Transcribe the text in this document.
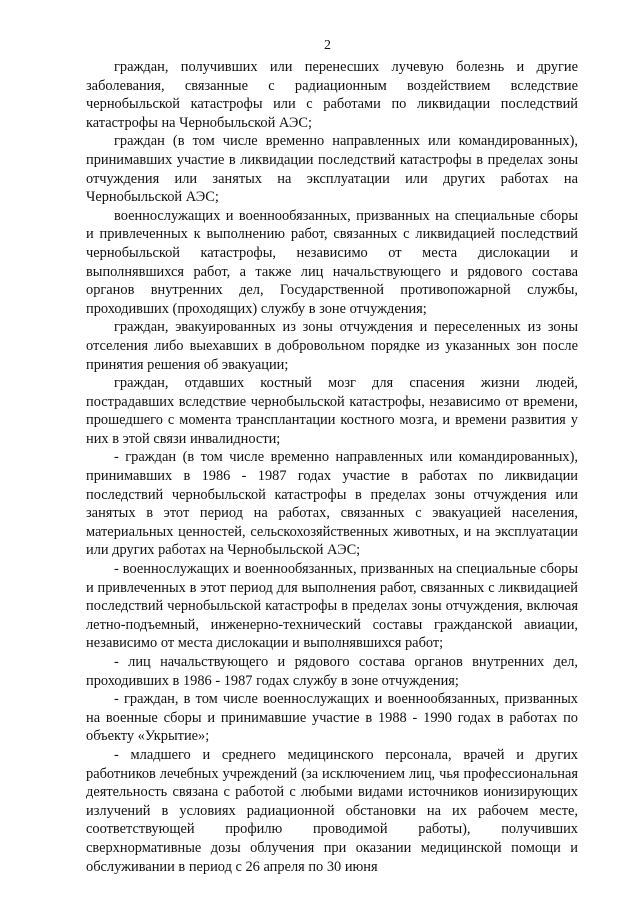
2

граждан, получивших или перенесших лучевую болезнь и другие заболевания, связанные с радиационным воздействием вследствие чернобыльской катастрофы или с работами по ликвидации последствий катастрофы на Чернобыльской АЭС;

граждан (в том числе временно направленных или командированных), принимавших участие в ликвидации последствий катастрофы в пределах зоны отчуждения или занятых на эксплуатации или других работах на Чернобыльской АЭС;

военнослужащих и военнообязанных, призванных на специальные сборы и привлеченных к выполнению работ, связанных с ликвидацией последствий чернобыльской катастрофы, независимо от места дислокации и выполнявшихся работ, а также лиц начальствующего и рядового состава органов внутренних дел, Государственной противопожарной службы, проходивших (проходящих) службу в зоне отчуждения;

граждан, эвакуированных из зоны отчуждения и переселенных из зоны отселения либо выехавших в добровольном порядке из указанных зон после принятия решения об эвакуации;

граждан, отдавших костный мозг для спасения жизни людей, пострадавших вследствие чернобыльской катастрофы, независимо от времени, прошедшего с момента трансплантации костного мозга, и времени развития у них в этой связи инвалидности;

- граждан (в том числе временно направленных или командированных), принимавших в 1986 - 1987 годах участие в работах по ликвидации последствий чернобыльской катастрофы в пределах зоны отчуждения или занятых в этот период на работах, связанных с эвакуацией населения, материальных ценностей, сельскохозяйственных животных, и на эксплуатации или других работах на Чернобыльской АЭС;

- военнослужащих и военнообязанных, призванных на специальные сборы и привлеченных в этот период для выполнения работ, связанных с ликвидацией последствий чернобыльской катастрофы в пределах зоны отчуждения, включая летно-подъемный, инженерно-технический составы гражданской авиации, независимо от места дислокации и выполнявшихся работ;

- лиц начальствующего и рядового состава органов внутренних дел, проходивших в 1986 - 1987 годах службу в зоне отчуждения;

- граждан, в том числе военнослужащих и военнообязанных, призванных на военные сборы и принимавшие участие в 1988 - 1990 годах в работах по объекту «Укрытие»;

- младшего и среднего медицинского персонала, врачей и других работников лечебных учреждений (за исключением лиц, чья профессиональная деятельность связана с работой с любыми видами источников ионизирующих излучений в условиях радиационной обстановки на их рабочем месте, соответствующей профилю проводимой работы), получивших сверхнормативные дозы облучения при оказании медицинской помощи и обслуживании в период с 26 апреля по 30 июня
